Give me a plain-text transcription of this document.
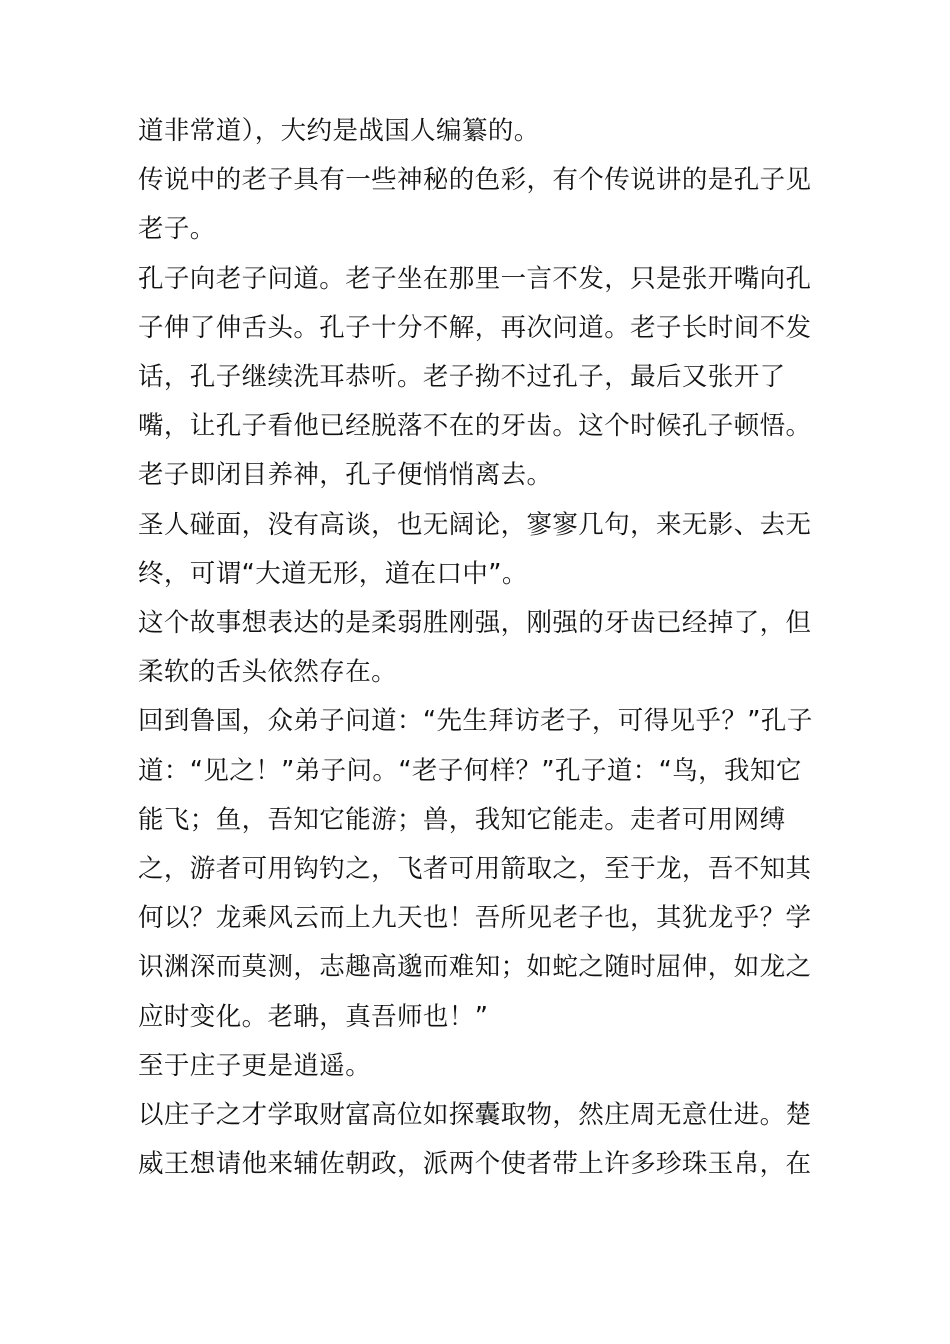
道非常道），大约是战国人编纂的。

传说中的老子具有一些神秘的色彩，有个传说讲的是孔子见老子。

孔子向老子问道。老子坐在那里一言不发，只是张开嘴向孔子伸了伸舌头。孔子十分不解，再次问道。老子长时间不发话，孔子继续洗耳恭听。老子拗不过孔子，最后又张开了嘴，让孔子看他已经脱落不在的牙齿。这个时候孔子顿悟。老子即闭目养神，孔子便悄悄离去。

圣人碰面，没有高谈，也无阔论，寥寥几句，来无影、去无终，可谓“大道无形，道在口中”。

这个故事想表达的是柔弱胜刚强，刚强的牙齿已经掉了，但柔软的舌头依然存在。

回到鲁国，众弟子问道：“先生拜访老子，可得见乎？”孔子道：“见之！”弟子问。“老子何样？”孔子道：“鸟，我知它能飞；鱼，吾知它能游；兽，我知它能走。走者可用网缚之，游者可用钩钓之，飞者可用箭取之，至于龙，吾不知其何以？龙乘风云而上九天也！吾所见老子也，其犹龙乎？学识渊深而莫测，志趣高邈而难知；如蛇之随时屈伸，如龙之应时变化。老聃，真吾师也！”

至于庄子更是逍遥。

以庄子之才学取财富高位如探囊取物，然庄周无意仕进。楚威王想请他来辅佐朝政，派两个使者带上许多珍珠玉帛，在
